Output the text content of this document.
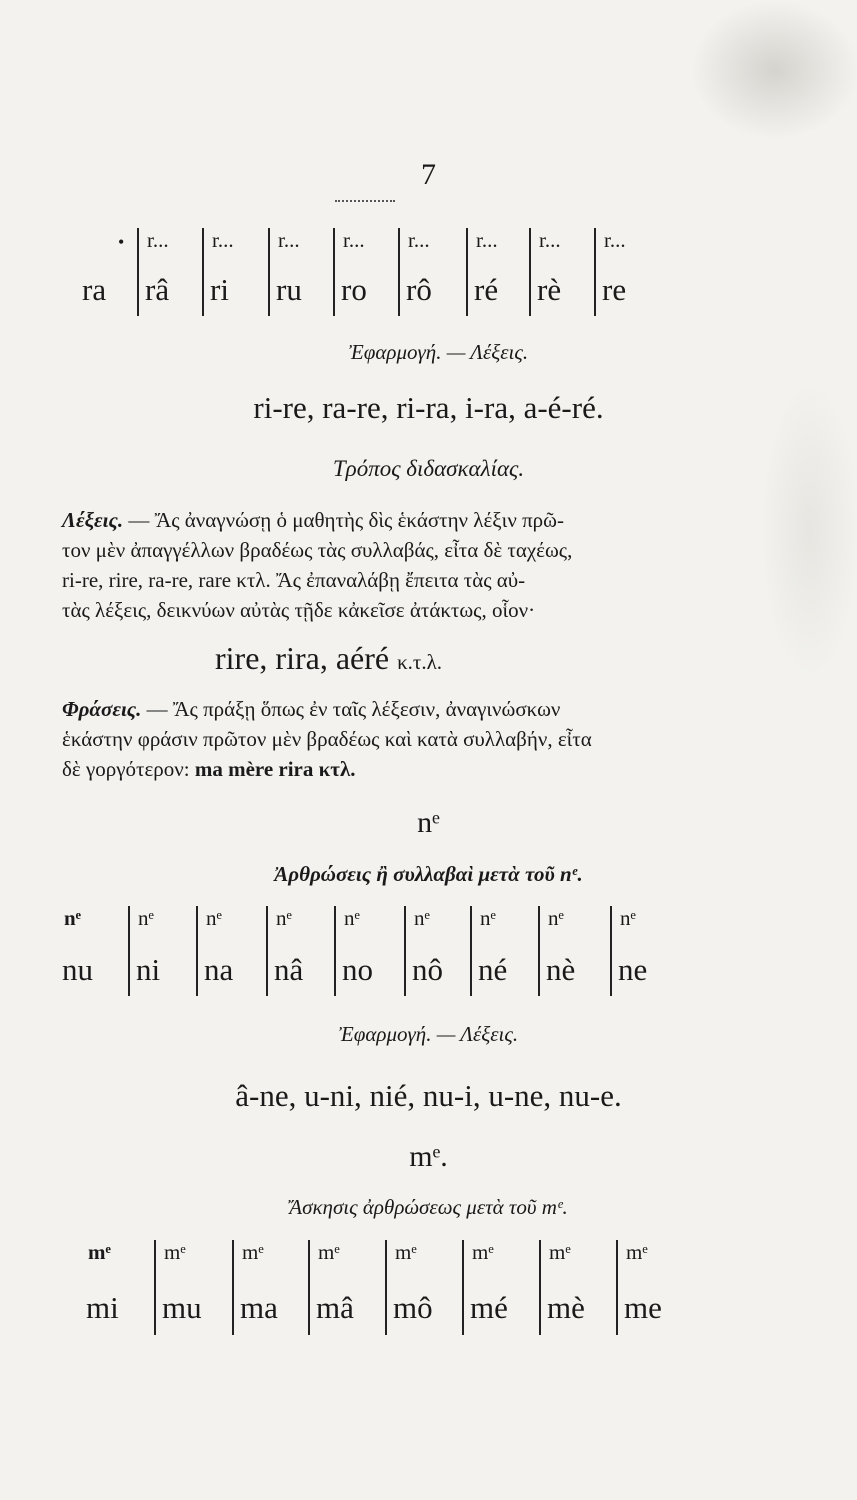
7
•
ra
r...
râ
r...
ri
r...
ru
r...
ro
r...
rô
r...
ré
r...
rè
r...
re
Ἐφαρμογή. — Λέξεις.
ri-re, ra-re, ri-ra, i-ra, a-é-ré.
Τρόπος διδασκαλίας.
Λέξεις. — Ἄς ἀναγνώσῃ ὁ μαθητὴς δὶς ἑκάστην λέξιν πρῶ-
τον μὲν ἀπαγγέλλων βραδέως τὰς συλλαβάς, εἶτα δὲ ταχέως,
ri-re, rire, ra-re, rare κτλ. Ἄς ἐπαναλάβῃ ἔπειτα τὰς αὐ-
τὰς λέξεις, δεικνύων αὐτὰς τῇδε κἀκεῖσε ἀτάκτως, οἷον·
rire, rira, aéré κ.τ.λ.
Φράσεις. — Ἄς πράξῃ ὅπως ἐν ταῖς λέξεσιν, ἀναγινώσκων
ἑκάστην φράσιν πρῶτον μὲν βραδέως καὶ κατὰ συλλαβήν, εἶτα
δὲ γοργότερον: ma mère rira κτλ.
nᵉ
Ἀρθρώσεις ἢ συλλαβαὶ μετὰ τοῦ nᵉ.
nᵉ
nu
nᵉ
ni
nᵉ
na
nᵉ
nâ
nᵉ
no
nᵉ
nô
nᵉ
né
nᵉ
nè
nᵉ
ne
Ἐφαρμογή. — Λέξεις.
â-ne, u-ni, nié, nu-i, u-ne, nu-e.
mᵉ.
Ἄσκησις ἀρθρώσεως μετὰ τοῦ mᵉ.
mᵉ
mi
mᵉ
mu
mᵉ
ma
mᵉ
mâ
mᵉ
mô
mᵉ
mé
mᵉ
mè
mᵉ
me
